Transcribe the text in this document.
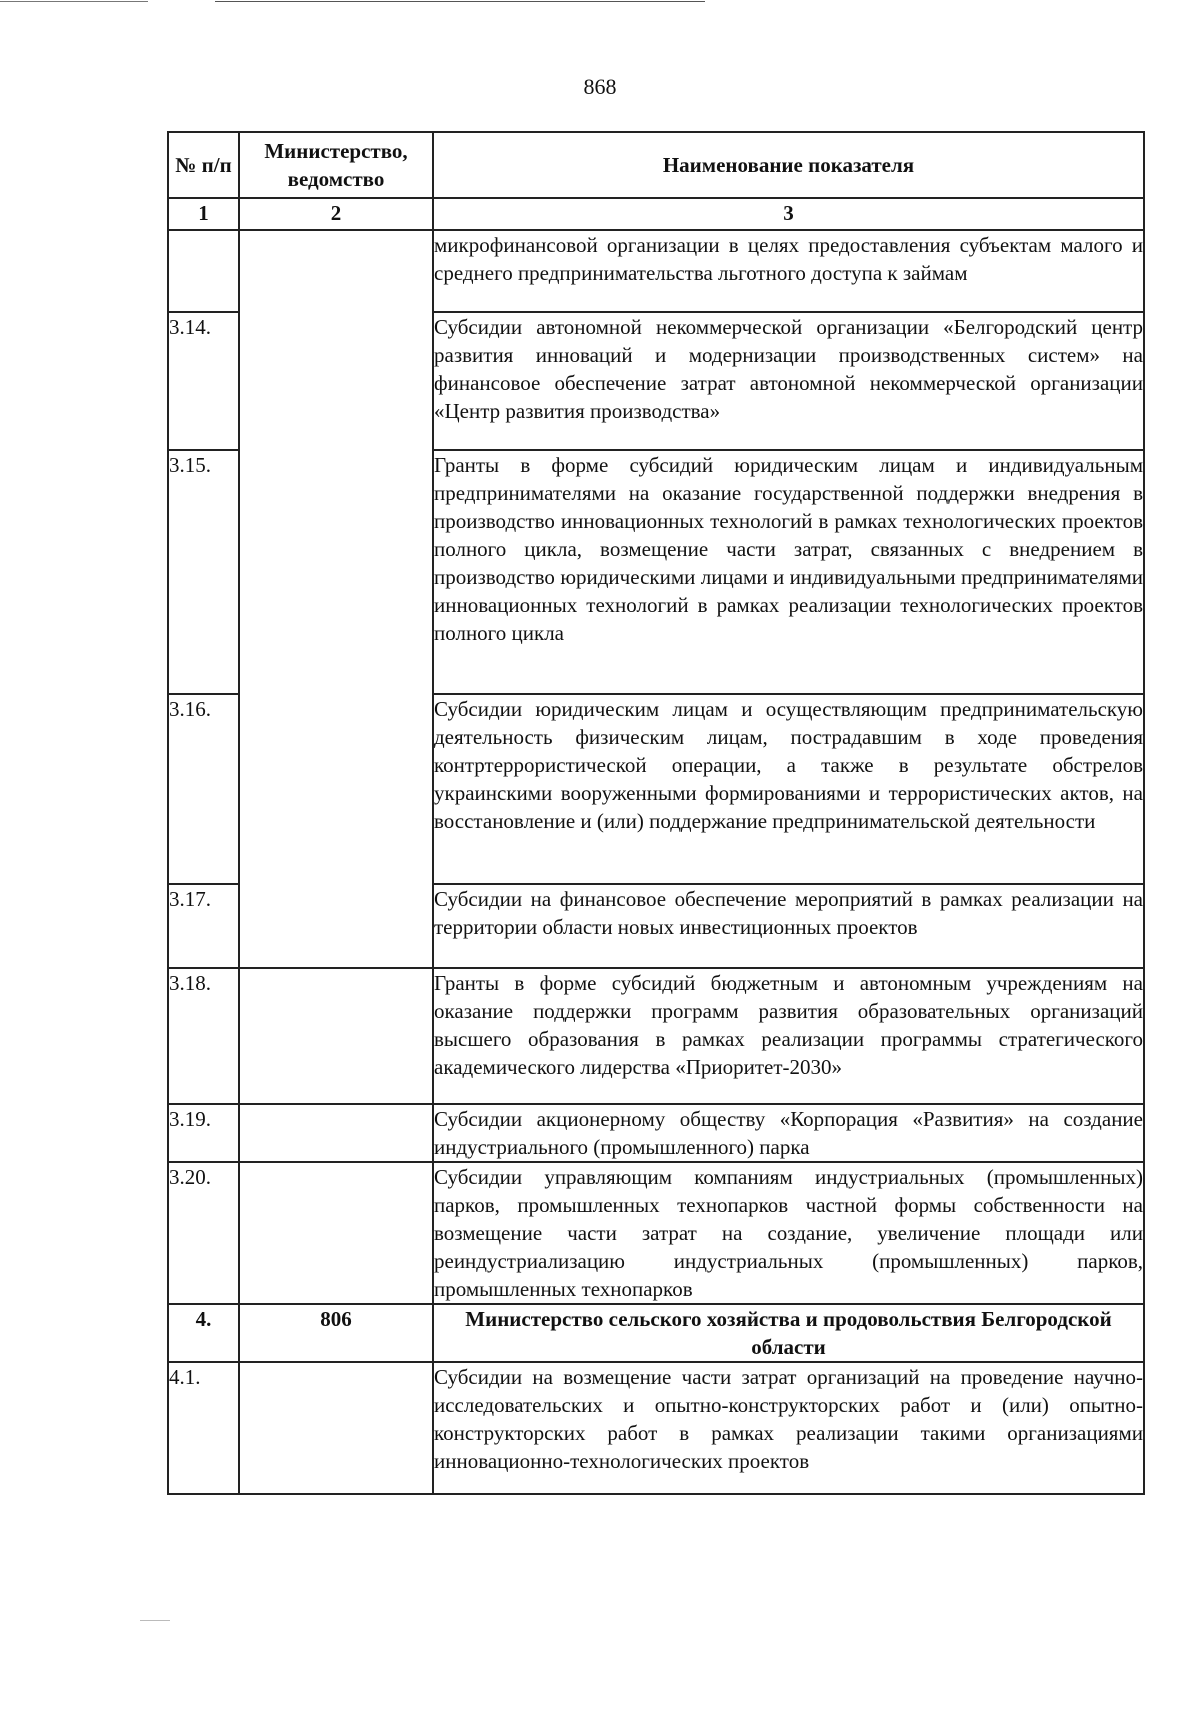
868
№ п/п	Министерство, ведомство	Наименование показателя
1	2	3
		микрофинансовой организации в целях предоставления субъектам малого и среднего предпринимательства льготного доступа к займам
3.14.		Субсидии автономной некоммерческой организации «Белгородский центр развития инноваций и модернизации производственных систем» на финансовое обеспечение затрат автономной некоммерческой организации «Центр развития производства»
3.15.		Гранты в форме субсидий юридическим лицам и индивидуальным предпринимателями на оказание государственной поддержки внедрения в производство инновационных технологий в рамках технологических проектов полного цикла, возмещение части затрат, связанных с внедрением в производство юридическими лицами и индивидуальными предпринимателями инновационных технологий в рамках реализации технологических проектов полного цикла
3.16.		Субсидии юридическим лицам и осуществляющим предпринимательскую деятельность физическим лицам, пострадавшим в ходе проведения контртеррористической операции, а также в результате обстрелов украинскими вооруженными формированиями и террористических актов, на восстановление и (или) поддержание предпринимательской деятельности
3.17.		Субсидии на финансовое обеспечение мероприятий в рамках реализации на территории области новых инвестиционных проектов
3.18.		Гранты в форме субсидий бюджетным и автономным учреждениям на оказание поддержки программ развития образовательных организаций высшего образования в рамках реализации программы стратегического академического лидерства «Приоритет-2030»
3.19.		Субсидии акционерному обществу «Корпорация «Развития» на создание индустриального (промышленного) парка
3.20.		Субсидии управляющим компаниям индустриальных (промышленных) парков, промышленных технопарков частной формы собственности на возмещение части затрат на создание, увеличение площади или реиндустриализацию индустриальных (промышленных) парков, промышленных технопарков
4.	806	Министерство сельского хозяйства и продовольствия Белгородской области
4.1.		Субсидии на возмещение части затрат организаций на проведение научно-исследовательских и опытно-конструкторских работ и (или) опытно-конструкторских работ в рамках реализации такими организациями инновационно-технологических проектов
